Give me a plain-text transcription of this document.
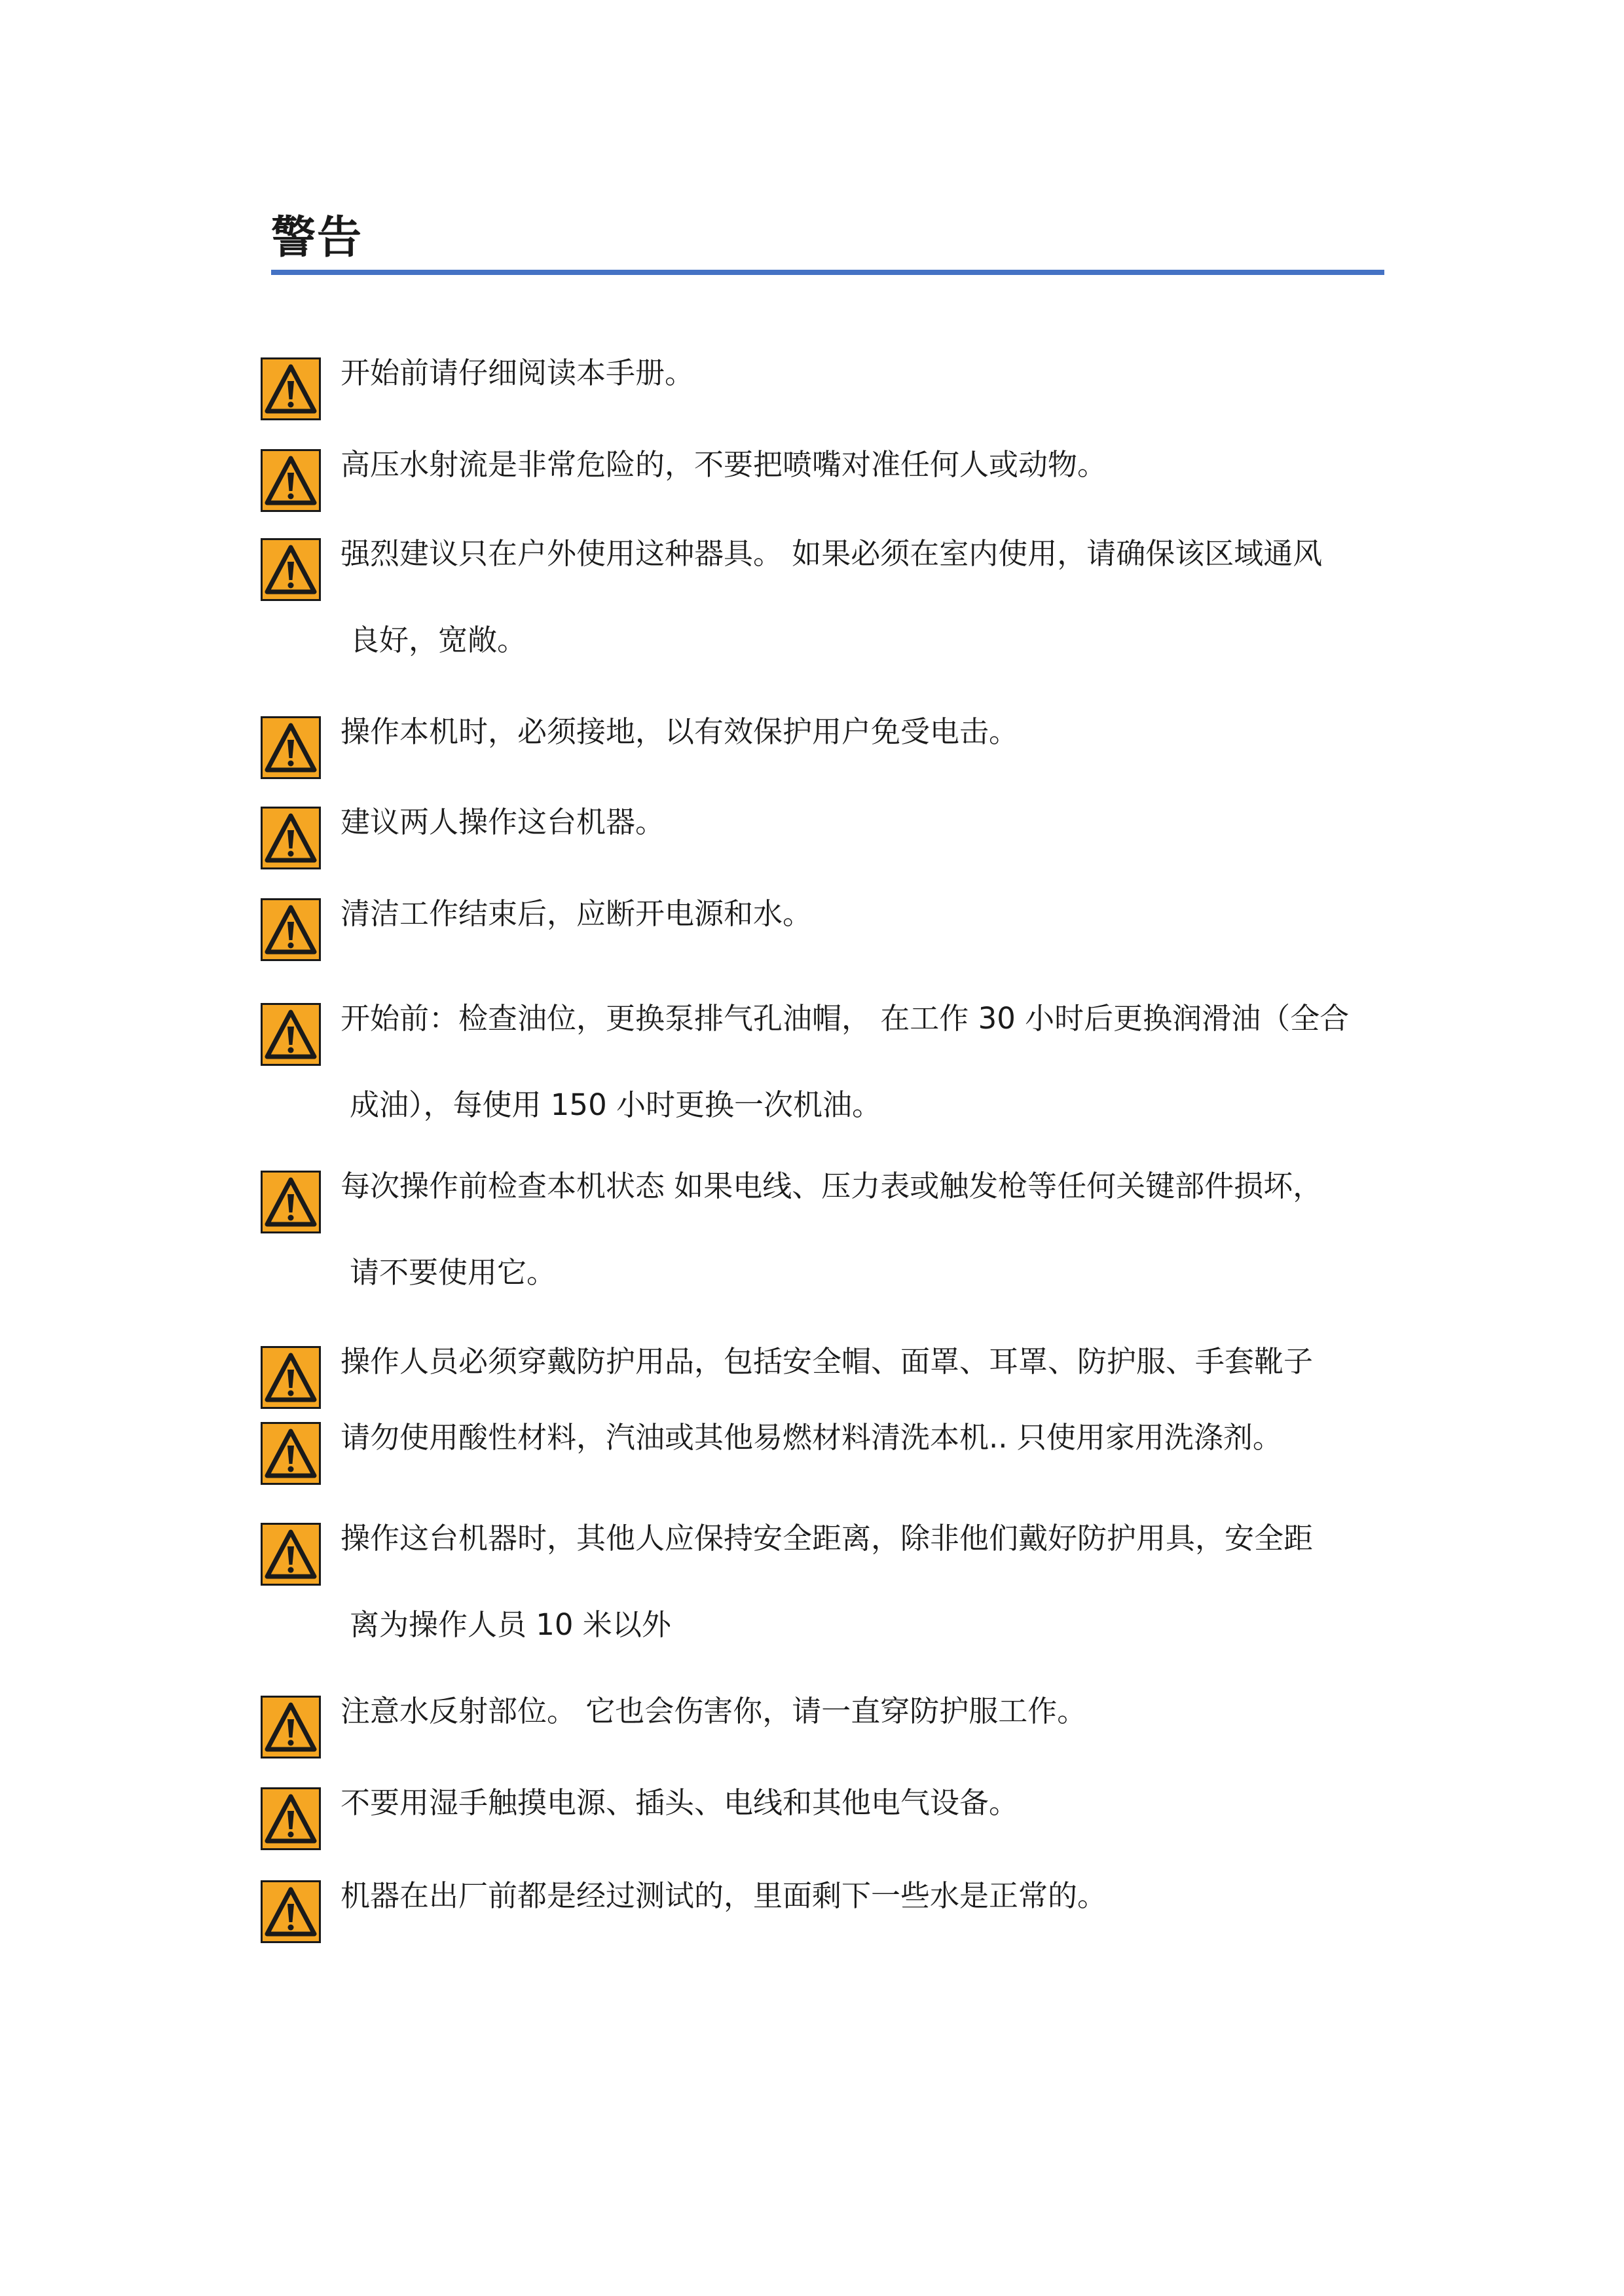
警告
开始前请仔细阅读本手册。
高压水射流是非常危险的，不要把喷嘴对准任何人或动物。
强烈建议只在户外使用这种器具。 如果必须在室内使用，请确保该区域通风
良好，宽敞。
操作本机时，必须接地，以有效保护用户免受电击。
建议两人操作这台机器。
清洁工作结束后，应断开电源和水。
开始前：检查油位，更换泵排气孔油帽， 在工作 30 小时后更换润滑油（全合
成油），每使用 150 小时更换一次机油。
每次操作前检查本机状态 如果电线、压力表或触发枪等任何关键部件损坏，
请不要使用它。
操作人员必须穿戴防护用品，包括安全帽、面罩、耳罩、防护服、手套靴子
请勿使用酸性材料，汽油或其他易燃材料清洗本机.. 只使用家用洗涤剂。
操作这台机器时，其他人应保持安全距离，除非他们戴好防护用具，安全距
离为操作人员 10 米以外
注意水反射部位。 它也会伤害你，请一直穿防护服工作。
不要用湿手触摸电源、插头、电线和其他电气设备。
机器在出厂前都是经过测试的，里面剩下一些水是正常的。
